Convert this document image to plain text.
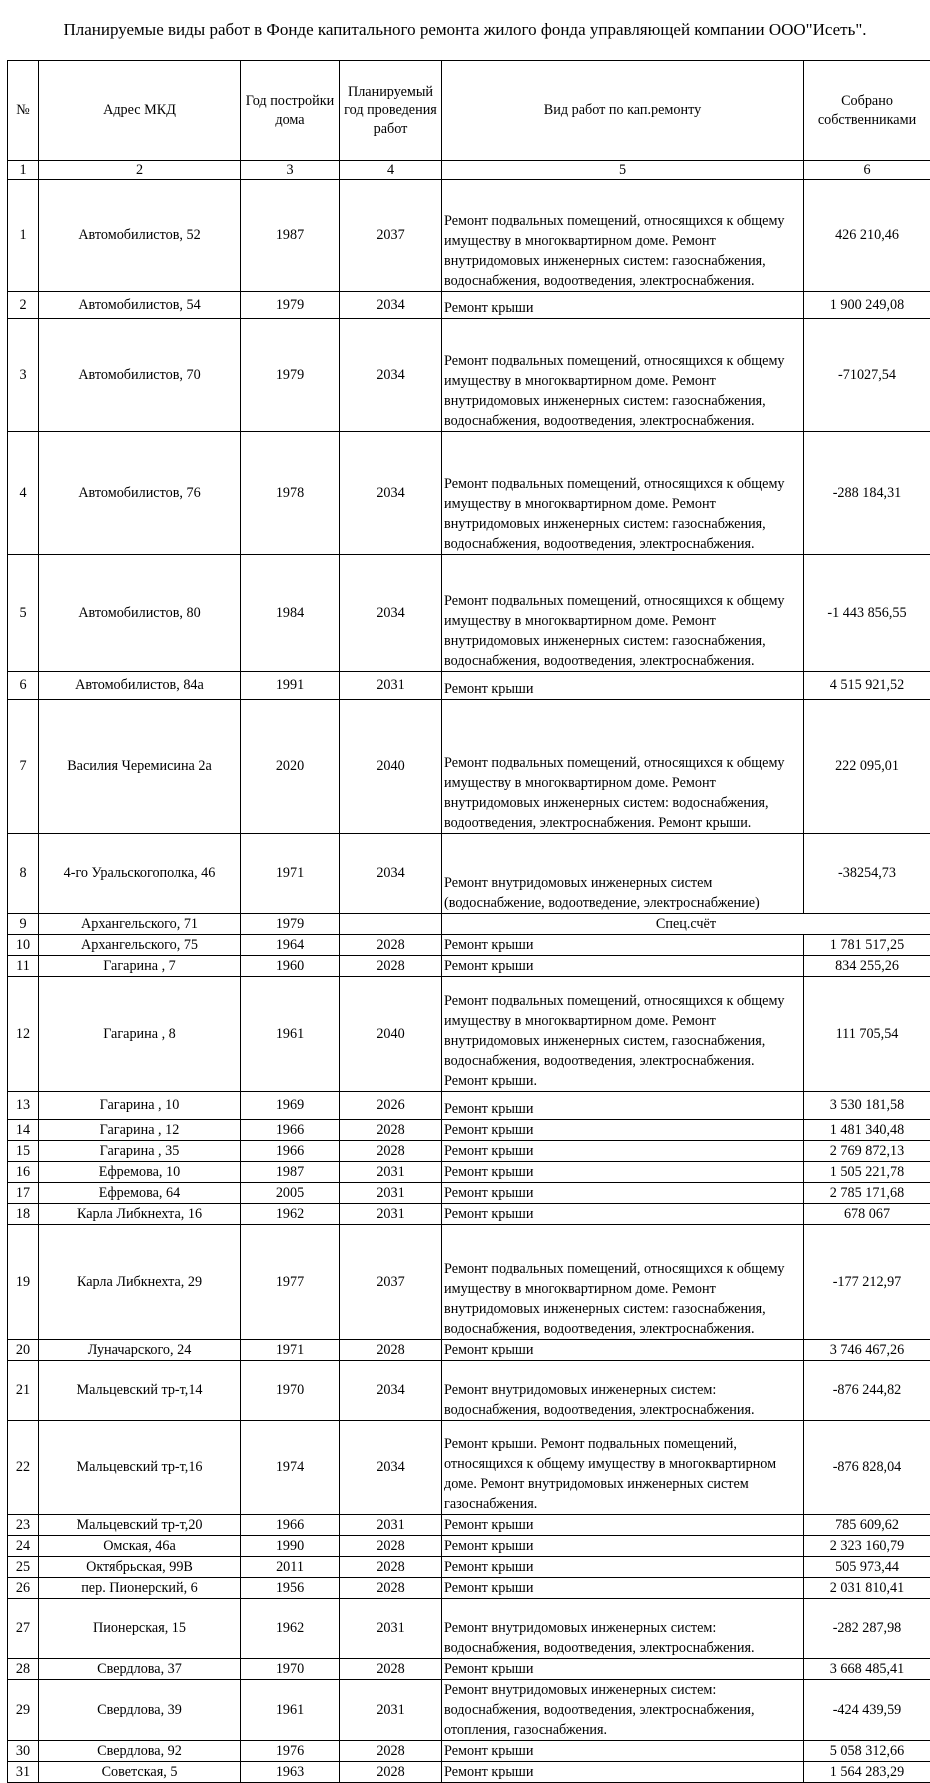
Планируемые виды работ в Фонде капитального ремонта жилого фонда управляющей компании ООО"Исеть".
№	Адрес МКД	Год постройки дома	Планируемый год проведения работ	Вид работ по кап.ремонту	Собрано собственниками
1	2	3	4	5	6
1	Автомобилистов, 52	1987	2037	Ремонт подвальных помещений, относящихся к общему имуществу в многоквартирном доме. Ремонт внутридомовых инженерных систем: газоснабжения, водоснабжения, водоотведения, электроснабжения.	426 210,46
2	Автомобилистов, 54	1979	2034	Ремонт крыши	1 900 249,08
3	Автомобилистов, 70	1979	2034	Ремонт подвальных помещений, относящихся к общему имуществу в многоквартирном доме. Ремонт внутридомовых инженерных систем: газоснабжения, водоснабжения, водоотведения, электроснабжения.	-71027,54
4	Автомобилистов, 76	1978	2034	Ремонт подвальных помещений, относящихся к общему имуществу в многоквартирном доме. Ремонт внутридомовых инженерных систем: газоснабжения, водоснабжения, водоотведения, электроснабжения.	-288 184,31
5	Автомобилистов, 80	1984	2034	Ремонт подвальных помещений, относящихся к общему имуществу в многоквартирном доме. Ремонт внутридомовых инженерных систем: газоснабжения, водоснабжения, водоотведения, электроснабжения.	-1 443 856,55
6	Автомобилистов, 84а	1991	2031	Ремонт крыши	4 515 921,52
7	Василия Черемисина 2а	2020	2040	Ремонт подвальных помещений, относящихся к общему имуществу в многоквартирном доме. Ремонт внутридомовых инженерных систем: водоснабжения, водоотведения, электроснабжения. Ремонт крыши.	222 095,01
8	4-го Уральскогополка, 46	1971	2034	Ремонт внутридомовых инженерных систем (водоснабжение, водоотведение, электроснабжение)	-38254,73
9	Архангельского, 71	1979		Спец.счёт	
10	Архангельского, 75	1964	2028	Ремонт крыши	1 781 517,25
11	Гагарина , 7	1960	2028	Ремонт крыши	834 255,26
12	Гагарина , 8	1961	2040	Ремонт подвальных помещений, относящихся к общему имуществу в многоквартирном доме. Ремонт внутридомовых инженерных систем, газоснабжения, водоснабжения, водоотведения, электроснабжения. Ремонт крыши.	111 705,54
13	Гагарина , 10	1969	2026	Ремонт крыши	3 530 181,58
14	Гагарина , 12	1966	2028	Ремонт крыши	1 481 340,48
15	Гагарина , 35	1966	2028	Ремонт крыши	2 769 872,13
16	Ефремова, 10	1987	2031	Ремонт крыши	1 505 221,78
17	Ефремова, 64	2005	2031	Ремонт крыши	2 785 171,68
18	Карла Либкнехта, 16	1962	2031	Ремонт крыши	678 067
19	Карла Либкнехта, 29	1977	2037	Ремонт подвальных помещений, относящихся к общему имуществу в многоквартирном доме. Ремонт внутридомовых инженерных систем: газоснабжения, водоснабжения, водоотведения, электроснабжения.	-177 212,97
20	Луначарского, 24	1971	2028	Ремонт крыши	3 746 467,26
21	Мальцевский тр-т,14	1970	2034	Ремонт внутридомовых инженерных систем: водоснабжения, водоотведения, электроснабжения.	-876 244,82
22	Мальцевский тр-т,16	1974	2034	Ремонт крыши. Ремонт подвальных помещений, относящихся к общему имуществу в многоквартирном доме. Ремонт внутридомовых инженерных систем газоснабжения.	-876 828,04
23	Мальцевский тр-т,20	1966	2031	Ремонт крыши	785 609,62
24	Омская, 46а	1990	2028	Ремонт крыши	2 323 160,79
25	Октябрьская, 99В	2011	2028	Ремонт крыши	505 973,44
26	пер. Пионерский, 6	1956	2028	Ремонт крыши	2 031 810,41
27	Пионерская, 15	1962	2031	Ремонт внутридомовых инженерных систем: водоснабжения, водоотведения, электроснабжения.	-282 287,98
28	Свердлова, 37	1970	2028	Ремонт крыши	3 668 485,41
29	Свердлова, 39	1961	2031	Ремонт внутридомовых инженерных систем: водоснабжения, водоотведения, электроснабжения, отопления, газоснабжения.	-424 439,59
30	Свердлова, 92	1976	2028	Ремонт крыши	5 058 312,66
31	Советская, 5	1963	2028	Ремонт крыши	1 564 283,29
